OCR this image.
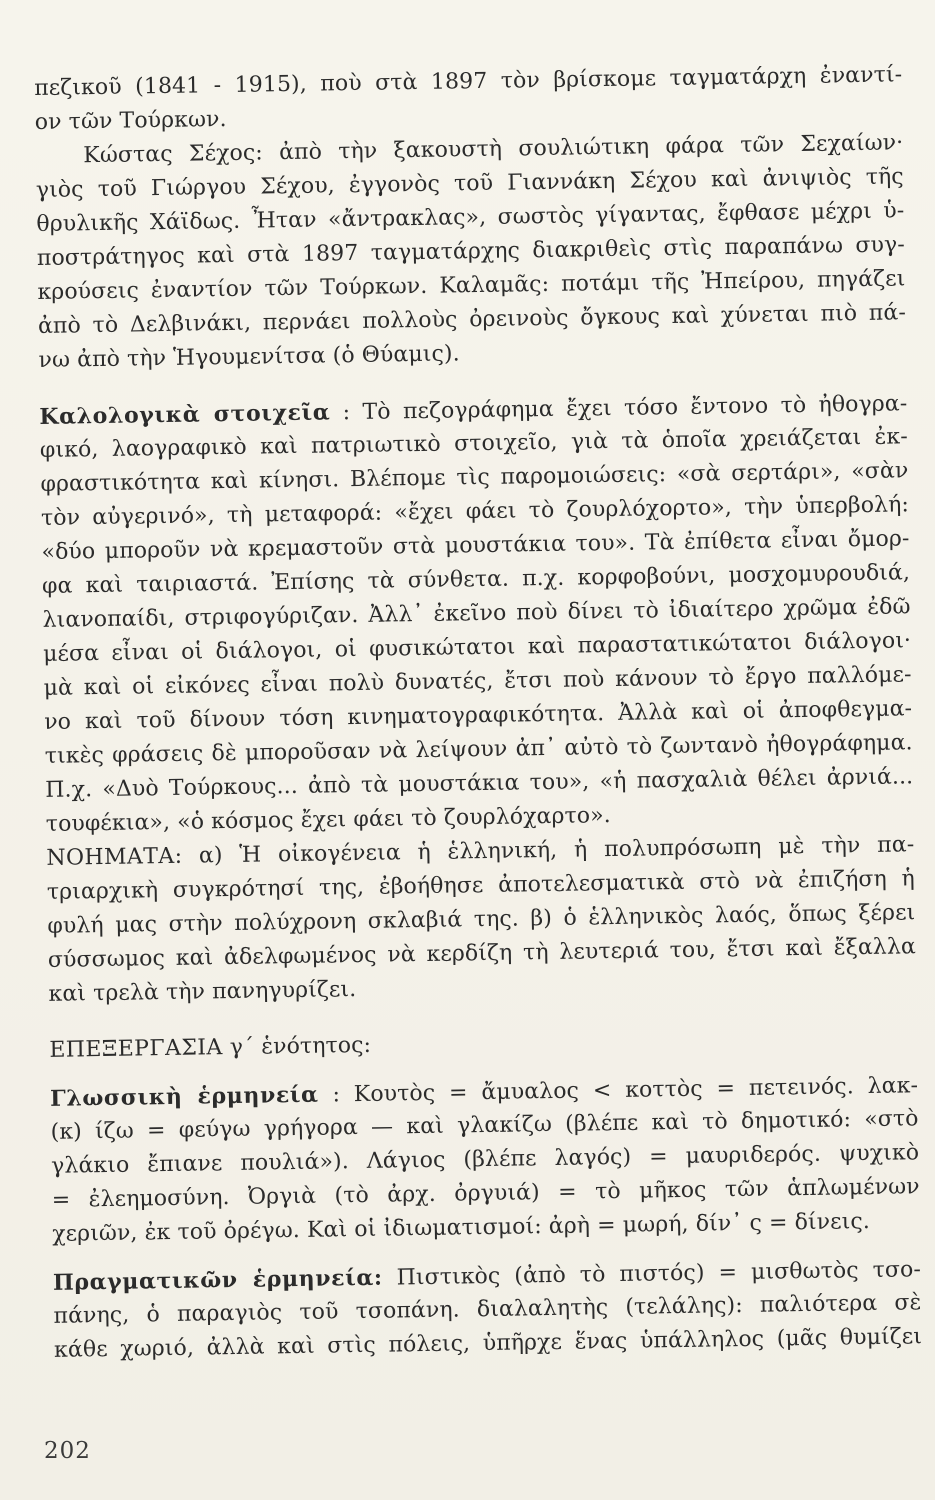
πεζικοῦ (1841 - 1915), ποὺ στὰ 1897 τὸν βρίσκομε ταγματάρχη ἐναντί-
ον τῶν Τούρκων.
Κώστας Σέχος: ἀπὸ τὴν ξακουστὴ σουλιώτικη φάρα τῶν Σεχαίων·
γιὸς τοῦ Γιώργου Σέχου, ἐγγονὸς τοῦ Γιαννάκη Σέχου καὶ ἀνιψιὸς τῆς
θρυλικῆς Χάϊδως. Ἦταν «ἄντρακλας», σωστὸς γίγαντας, ἔφθασε μέχρι ὑ-
ποστράτηγος καὶ στὰ 1897 ταγματάρχης διακριθεὶς στὶς παραπάνω συγ-
κρούσεις ἐναντίον τῶν Τούρκων. Καλαμᾶς: ποτάμι τῆς Ἠπείρου, πηγάζει
ἀπὸ τὸ Δελβινάκι, περνάει πολλοὺς ὀρεινοὺς ὄγκους καὶ χύνεται πιὸ πά-
νω ἀπὸ τὴν Ἡγουμενίτσα (ὁ Θύαμις).
Καλολογικὰ στοιχεῖα : Τὸ πεζογράφημα ἔχει τόσο ἔντονο τὸ ἠθογρα-
φικό, λαογραφικὸ καὶ πατριωτικὸ στοιχεῖο, γιὰ τὰ ὁποῖα χρειάζεται ἐκ-
φραστικότητα καὶ κίνησι. Βλέπομε τὶς παρομοιώσεις: «σὰ σερτάρι», «σὰν
τὸν αὐγερινό», τὴ μεταφορά: «ἔχει φάει τὸ ζουρλόχορτο», τὴν ὑπερβολή:
«δύο μποροῦν νὰ κρεμαστοῦν στὰ μουστάκια του». Τὰ ἐπίθετα εἶναι ὄμορ-
φα καὶ ταιριαστά. Ἐπίσης τὰ σύνθετα. π.χ. κορφοβούνι, μοσχομυρουδιά,
λιανοπαίδι, στριφογύριζαν. Ἀλλ᾽ ἐκεῖνο ποὺ δίνει τὸ ἰδιαίτερο χρῶμα ἐδῶ
μέσα εἶναι οἱ διάλογοι, οἱ φυσικώτατοι καὶ παραστατικώτατοι διάλογοι·
μὰ καὶ οἱ εἰκόνες εἶναι πολὺ δυνατές, ἔτσι ποὺ κάνουν τὸ ἔργο παλλόμε-
νο καὶ τοῦ δίνουν τόση κινηματογραφικότητα. Ἀλλὰ καὶ οἱ ἀποφθεγμα-
τικὲς φράσεις δὲ μποροῦσαν νὰ λείψουν ἀπ᾽ αὐτὸ τὸ ζωντανὸ ἠθογράφημα.
Π.χ. «Δυὸ Τούρκους... ἀπὸ τὰ μουστάκια του», «ἡ πασχαλιὰ θέλει ἀρνιά...
τουφέκια», «ὁ κόσμος ἔχει φάει τὸ ζουρλόχαρτο».
ΝΟΗΜΑΤΑ: α) Ἡ οἰκογένεια ἡ ἑλληνική, ἡ πολυπρόσωπη μὲ τὴν πα-
τριαρχικὴ συγκρότησί της, ἐβοήθησε ἀποτελεσματικὰ στὸ νὰ ἐπιζήση ἡ
φυλή μας στὴν πολύχρονη σκλαβιά της. β) ὁ ἑλληνικὸς λαός, ὅπως ξέρει
σύσσωμος καὶ ἀδελφωμένος νὰ κερδίζη τὴ λευτεριά του, ἔτσι καὶ ἔξαλλα
καὶ τρελὰ τὴν πανηγυρίζει.
ΕΠΕΞΕΡΓΑΣΙΑ γ΄ ἑνότητος:
Γλωσσικὴ ἑρμηνεία : Κουτὸς = ἄμυαλος < κοττὸς = πετεινός. λακ-
(κ) ίζω = φεύγω γρήγορα — καὶ γλακίζω (βλέπε καὶ τὸ δημοτικό: «στὸ
γλάκιο ἔπιανε πουλιά»). Λάγιος (βλέπε λαγός) = μαυριδερός. ψυχικὸ
= ἐλεημοσύνη. Ὀργιὰ (τὸ ἀρχ. ὀργυιά) = τὸ μῆκος τῶν ἁπλωμένων
χεριῶν, ἐκ τοῦ ὀρέγω. Καὶ οἱ ἰδιωματισμοί: ἀρὴ = μωρή, δίν᾽ ς = δίνεις.
Πραγματικῶν ἑρμηνεία: Πιστικὸς (ἀπὸ τὸ πιστός) = μισθωτὸς τσο-
πάνης, ὁ παραγιὸς τοῦ τσοπάνη. διαλαλητὴς (τελάλης): παλιότερα σὲ
κάθε χωριό, ἀλλὰ καὶ στὶς πόλεις, ὑπῆρχε ἕνας ὑπάλληλος (μᾶς θυμίζει
202
